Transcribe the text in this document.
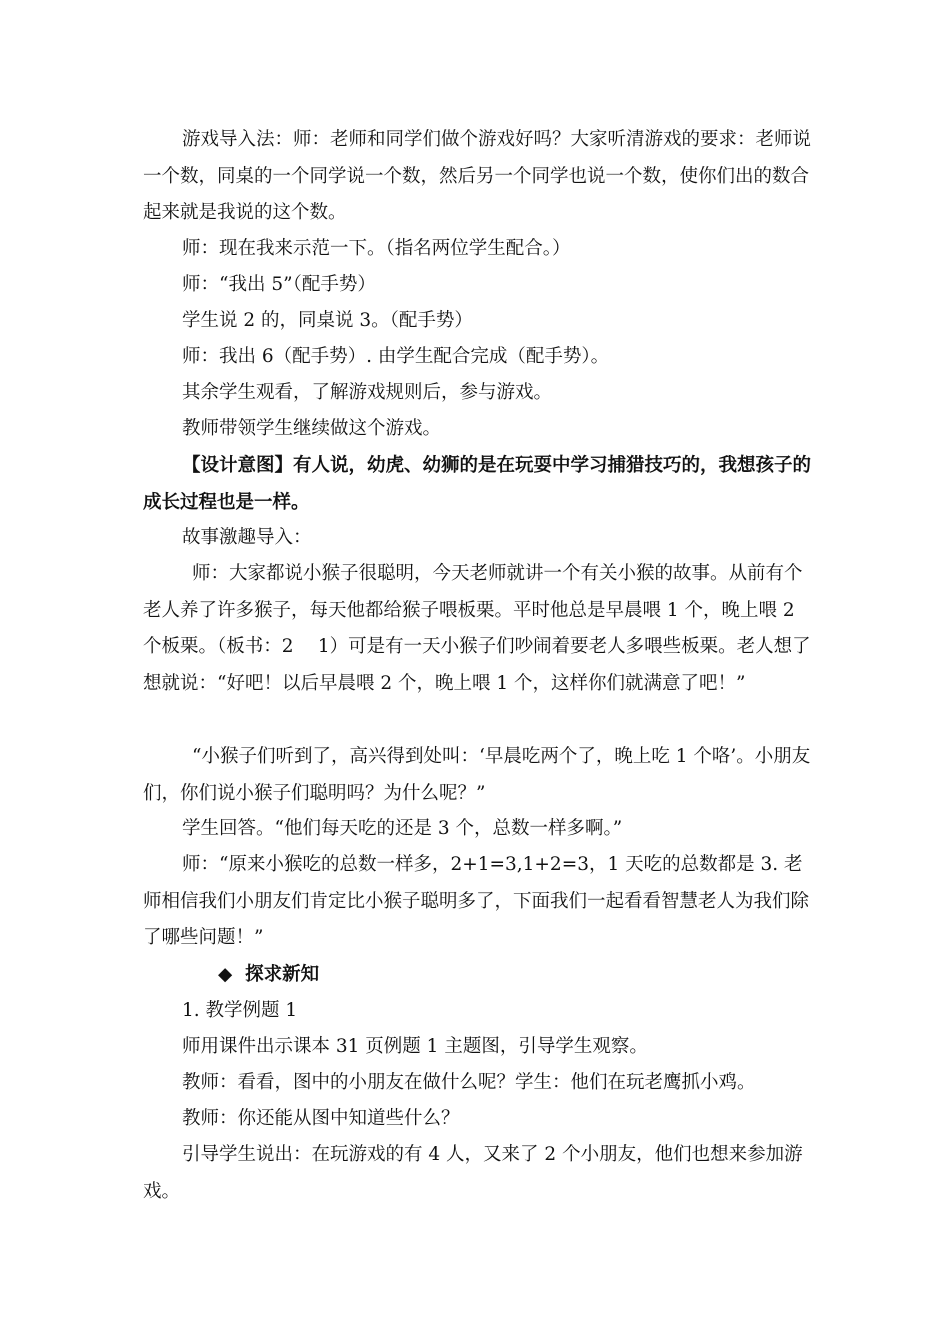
游戏导入法：师：老师和同学们做个游戏好吗？大家听清游戏的要求：老师说一个数，同桌的一个同学说一个数，然后另一个同学也说一个数，使你们出的数合起来就是我说的这个数。
师：现在我来示范一下。（指名两位学生配合。）
师：“我出 5”（配手势）
学生说 2 的，同桌说 3。（配手势）
师：我出 6（配手势）. 由学生配合完成（配手势）。
其余学生观看，了解游戏规则后，参与游戏。
教师带领学生继续做这个游戏。
【设计意图】有人说，幼虎、幼狮的是在玩耍中学习捕猎技巧的，我想孩子的成长过程也是一样。
故事激趣导入：
师：大家都说小猴子很聪明，今天老师就讲一个有关小猴的故事。从前有个老人养了许多猴子，每天他都给猴子喂板栗。平时他总是早晨喂 1 个，晚上喂 2 个板栗。（板书：2　 1）可是有一天小猴子们吵闹着要老人多喂些板栗。老人想了想就说：“好吧！以后早晨喂 2 个，晚上喂 1 个，这样你们就满意了吧！”
“小猴子们听到了，高兴得到处叫：‘早晨吃两个了，晚上吃 1 个咯’。小朋友们，你们说小猴子们聪明吗？为什么呢？”
学生回答。“他们每天吃的还是 3 个，总数一样多啊。”
师：“原来小猴吃的总数一样多，2+1=3,1+2=3，1 天吃的总数都是 3. 老师相信我们小朋友们肯定比小猴子聪明多了，下面我们一起看看智慧老人为我们除了哪些问题！”
◆ 探求新知
1. 教学例题 1
师用课件出示课本 31 页例题 1 主题图，引导学生观察。
教师：看看，图中的小朋友在做什么呢？学生：他们在玩老鹰抓小鸡。
教师：你还能从图中知道些什么？
引导学生说出：在玩游戏的有 4 人，又来了 2 个小朋友，他们也想来参加游戏。
